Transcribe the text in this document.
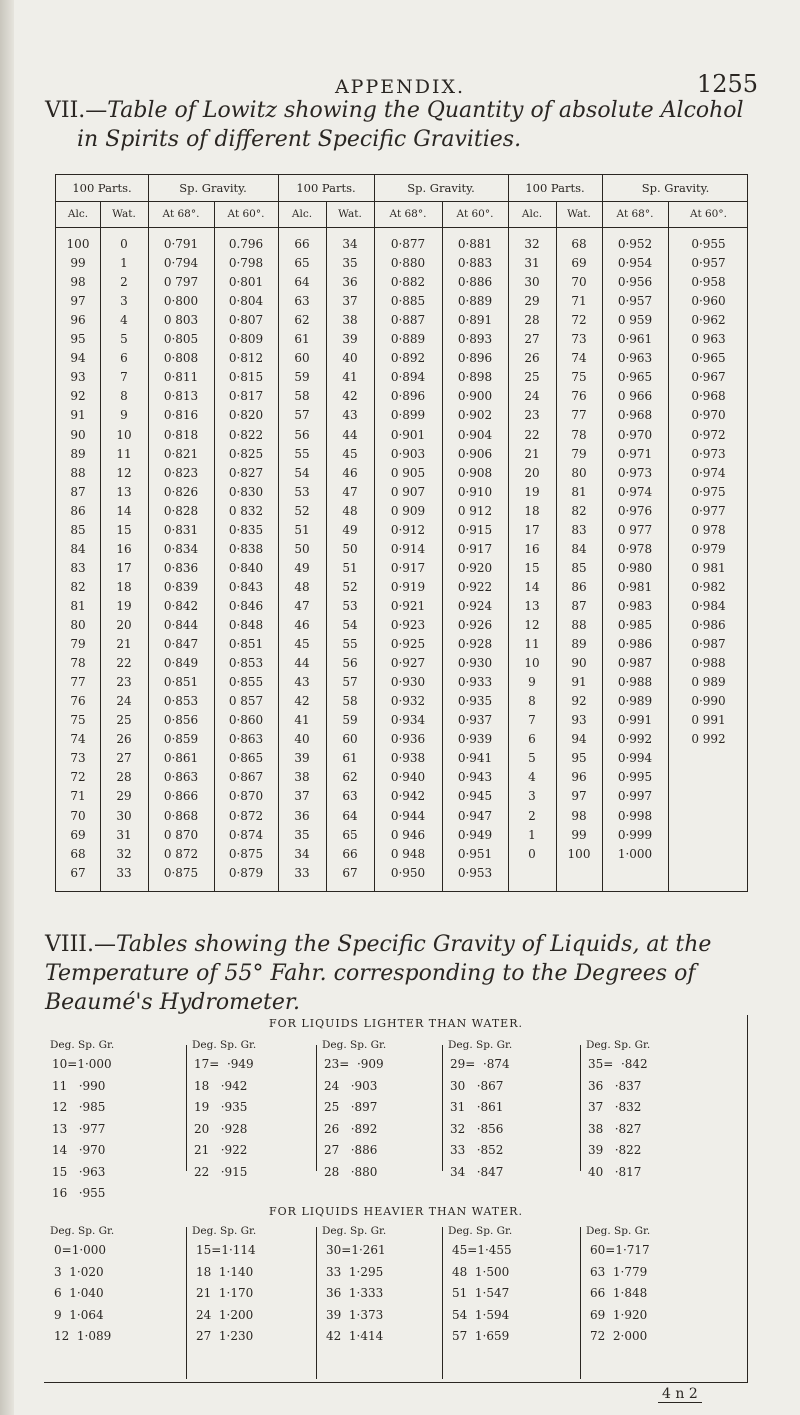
APPENDIX.	1255
VII.—Table of Lowitz showing the Quantity of absolute Alcohol
in Spirits of different Specific Gravities.
100 Parts.	Sp. Gravity.	100 Parts.	Sp. Gravity.	100 Parts.	Sp. Gravity.
Alc.	Wat.	At 68°.	At 60°.	Alc.	Wat.	At 68°.	At 60°.	Alc.	Wat.	At 68°.	At 60°.
100	0	0·791	0.796	66	34	0·877	0·881	32	68	0·952	0·955
99	1	0·794	0·798	65	35	0·880	0·883	31	69	0·954	0·957
98	2	0 797	0·801	64	36	0·882	0·886	30	70	0·956	0·958
97	3	0·800	0·804	63	37	0·885	0·889	29	71	0·957	0·960
96	4	0 803	0·807	62	38	0·887	0·891	28	72	0 959	0·962
95	5	0·805	0·809	61	39	0·889	0·893	27	73	0·961	0 963
94	6	0·808	0·812	60	40	0·892	0·896	26	74	0·963	0·965
93	7	0·811	0·815	59	41	0·894	0·898	25	75	0·965	0·967
92	8	0·813	0·817	58	42	0·896	0·900	24	76	0 966	0·968
91	9	0·816	0·820	57	43	0·899	0·902	23	77	0·968	0·970
90	10	0·818	0·822	56	44	0·901	0·904	22	78	0·970	0·972
89	11	0·821	0·825	55	45	0·903	0·906	21	79	0·971	0·973
88	12	0·823	0·827	54	46	0 905	0·908	20	80	0·973	0·974
87	13	0·826	0·830	53	47	0 907	0·910	19	81	0·974	0·975
86	14	0·828	0 832	52	48	0 909	0 912	18	82	0·976	0·977
85	15	0·831	0·835	51	49	0·912	0·915	17	83	0 977	0 978
84	16	0·834	0·838	50	50	0·914	0·917	16	84	0·978	0·979
83	17	0·836	0·840	49	51	0·917	0·920	15	85	0·980	0 981
82	18	0·839	0·843	48	52	0·919	0·922	14	86	0·981	0·982
81	19	0·842	0·846	47	53	0·921	0·924	13	87	0·983	0·984
80	20	0·844	0·848	46	54	0·923	0·926	12	88	0·985	0·986
79	21	0·847	0·851	45	55	0·925	0·928	11	89	0·986	0·987
78	22	0·849	0·853	44	56	0·927	0·930	10	90	0·987	0·988
77	23	0·851	0·855	43	57	0·930	0·933	9	91	0·988	0 989
76	24	0·853	0 857	42	58	0·932	0·935	8	92	0·989	0·990
75	25	0·856	0·860	41	59	0·934	0·937	7	93	0·991	0 991
74	26	0·859	0·863	40	60	0·936	0·939	6	94	0·992	0 992
73	27	0·861	0·865	39	61	0·938	0·941	5	95	0·994
72	28	0·863	0·867	38	62	0·940	0·943	4	96	0·995
71	29	0·866	0·870	37	63	0·942	0·945	3	97	0·997
70	30	0·868	0·872	36	64	0·944	0·947	2	98	0·998
69	31	0 870	0·874	35	65	0 946	0·949	1	99	0·999
68	32	0 872	0·875	34	66	0 948	0·951	0	100	1·000
67	33	0·875	0·879	33	67	0·950	0·953
VIII.—Tables showing the Specific Gravity of Liquids, at the
Temperature of 55° Fahr. corresponding to the Degrees of
Beaumé's Hydrometer.
FOR LIQUIDS LIGHTER THAN WATER.
FOR LIQUIDS HEAVIER THAN WATER.
Deg. Sp. Gr.
10=1·000
11   ·990
12   ·985
13   ·977
14   ·970
15   ·963
16   ·955
Deg. Sp. Gr.
17=  ·949
18   ·942
19   ·935
20   ·928
21   ·922
22   ·915
Deg. Sp. Gr.
23=  ·909
24   ·903
25   ·897
26   ·892
27   ·886
28   ·880
Deg. Sp. Gr.
29=  ·874
30   ·867
31   ·861
32   ·856
33   ·852
34   ·847
Deg. Sp. Gr.
35=  ·842
36   ·837
37   ·832
38   ·827
39   ·822
40   ·817
Deg. Sp. Gr.
0=1·000
3  1·020
6  1·040
9  1·064
12  1·089
Deg. Sp. Gr.
15=1·114
18  1·140
21  1·170
24  1·200
27  1·230
Deg. Sp. Gr.
30=1·261
33  1·295
36  1·333
39  1·373
42  1·414
Deg. Sp. Gr.
45=1·455
48  1·500
51  1·547
54  1·594
57  1·659
Deg. Sp. Gr.
60=1·717
63  1·779
66  1·848
69  1·920
72  2·000
4 n 2
